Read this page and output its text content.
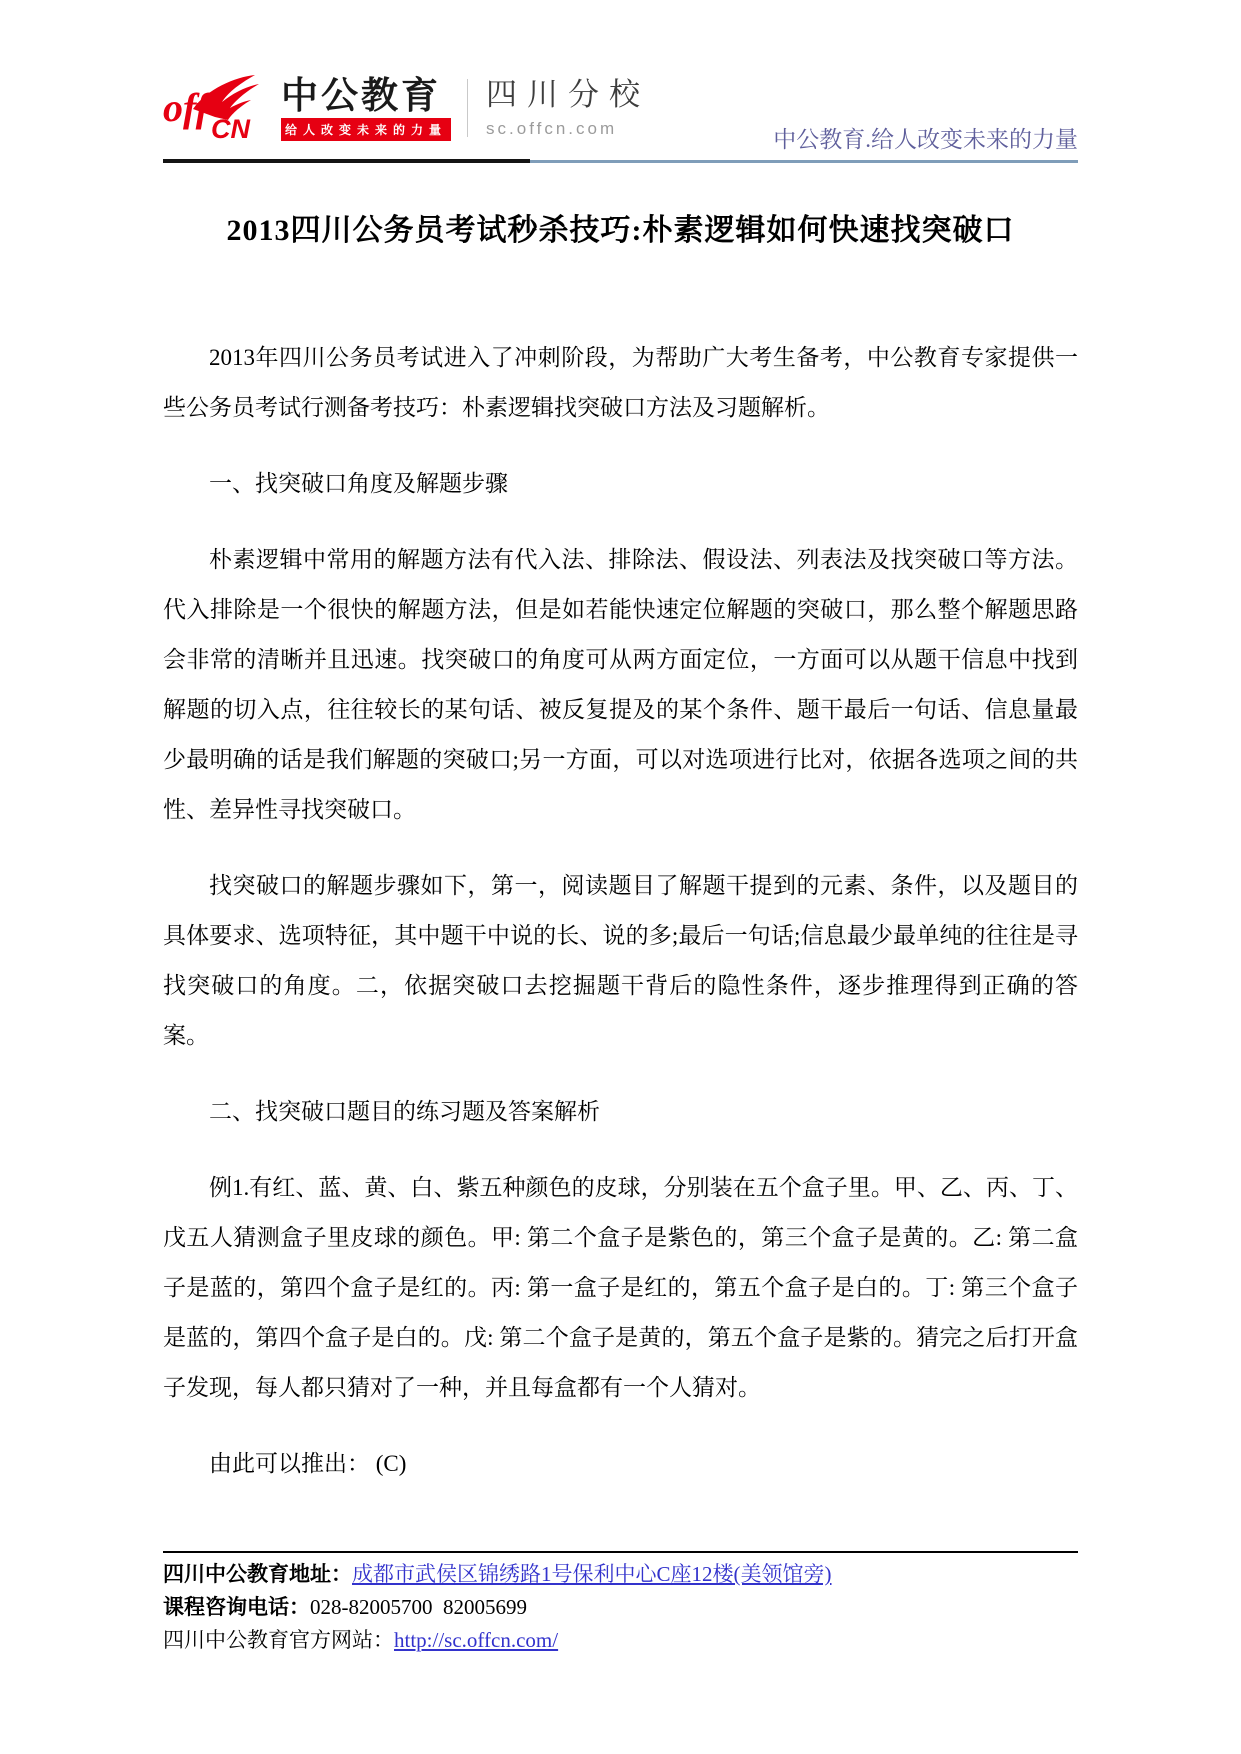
off CN
中公教育
给人改变未来的力量
四川分校
sc.offcn.com	中公教育.给人改变未来的力量
2013四川公务员考试秒杀技巧:朴素逻辑如何快速找突破口

2013年四川公务员考试进入了冲刺阶段，为帮助广大考生备考，中公教育专家提供一些公务员考试行测备考技巧：朴素逻辑找突破口方法及习题解析。

一、找突破口角度及解题步骤

朴素逻辑中常用的解题方法有代入法、排除法、假设法、列表法及找突破口等方法。代入排除是一个很快的解题方法，但是如若能快速定位解题的突破口，那么整个解题思路会非常的清晰并且迅速。找突破口的角度可从两方面定位，一方面可以从题干信息中找到解题的切入点，往往较长的某句话、被反复提及的某个条件、题干最后一句话、信息量最少最明确的话是我们解题的突破口;另一方面，可以对选项进行比对，依据各选项之间的共性、差异性寻找突破口。

找突破口的解题步骤如下，第一，阅读题目了解题干提到的元素、条件，以及题目的具体要求、选项特征，其中题干中说的长、说的多;最后一句话;信息最少最单纯的往往是寻找突破口的角度。二，依据突破口去挖掘题干背后的隐性条件，逐步推理得到正确的答案。

二、找突破口题目的练习题及答案解析

例1.有红、蓝、黄、白、紫五种颜色的皮球，分别装在五个盒子里。甲、乙、丙、丁、戊五人猜测盒子里皮球的颜色。甲: 第二个盒子是紫色的，第三个盒子是黄的。乙: 第二盒子是蓝的，第四个盒子是红的。丙: 第一盒子是红的，第五个盒子是白的。丁: 第三个盒子是蓝的，第四个盒子是白的。戊: 第二个盒子是黄的，第五个盒子是紫的。猜完之后打开盒子发现，每人都只猜对了一种，并且每盒都有一个人猜对。

由此可以推出： (C)

四川中公教育地址：成都市武侯区锦绣路1号保利中心C座12楼(美领馆旁)
课程咨询电话：028-82005700  82005699
四川中公教育官方网站：http://sc.offcn.com/
